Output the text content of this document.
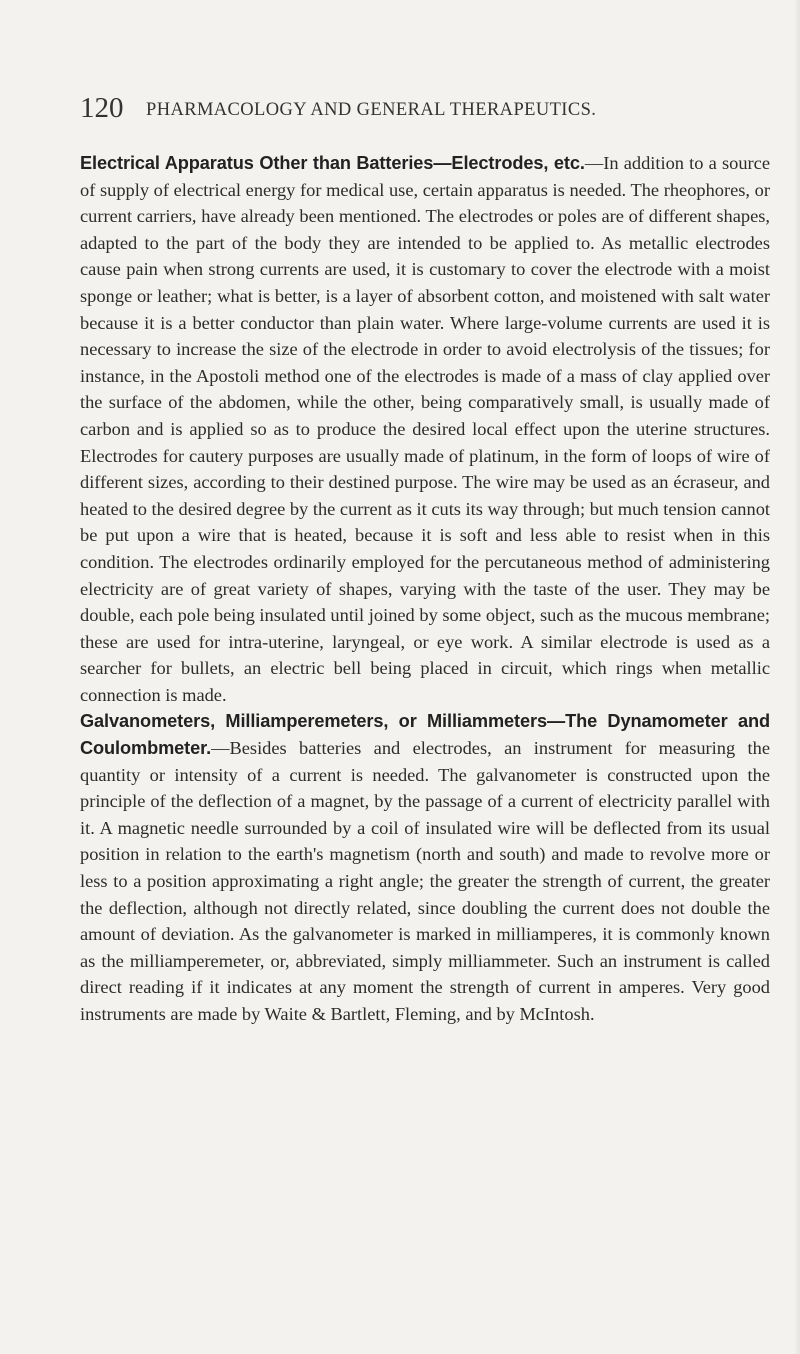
120 PHARMACOLOGY AND GENERAL THERAPEUTICS.

Electrical Apparatus Other than Batteries—Electrodes, etc.—In addition to a source of supply of electrical energy for medical use, certain apparatus is needed. The rheophores, or current carriers, have already been mentioned. The electrodes or poles are of different shapes, adapted to the part of the body they are intended to be applied to. As metallic electrodes cause pain when strong currents are used, it is customary to cover the electrode with a moist sponge or leather; what is better, is a layer of absorbent cotton, and moistened with salt water because it is a better conductor than plain water. Where large-volume currents are used it is necessary to increase the size of the electrode in order to avoid electrolysis of the tissues; for instance, in the Apostoli method one of the electrodes is made of a mass of clay applied over the surface of the abdomen, while the other, being comparatively small, is usually made of carbon and is applied so as to produce the desired local effect upon the uterine structures. Electrodes for cautery purposes are usually made of platinum, in the form of loops of wire of different sizes, according to their destined purpose. The wire may be used as an écraseur, and heated to the desired degree by the current as it cuts its way through; but much tension cannot be put upon a wire that is heated, because it is soft and less able to resist when in this condition. The electrodes ordinarily employed for the percutaneous method of administering electricity are of great variety of shapes, varying with the taste of the user. They may be double, each pole being insulated until joined by some object, such as the mucous membrane; these are used for intra-uterine, laryngeal, or eye work. A similar electrode is used as a searcher for bullets, an electric bell being placed in circuit, which rings when metallic connection is made.

Galvanometers, Milliamperemeters, or Milliammeters—The Dynamometer and Coulombmeter.—Besides batteries and electrodes, an instrument for measuring the quantity or intensity of a current is needed. The galvanometer is constructed upon the principle of the deflection of a magnet, by the passage of a current of electricity parallel with it. A magnetic needle surrounded by a coil of insulated wire will be deflected from its usual position in relation to the earth's magnetism (north and south) and made to revolve more or less to a position approximating a right angle; the greater the strength of current, the greater the deflection, although not directly related, since doubling the current does not double the amount of deviation. As the galvanometer is marked in milliamperes, it is commonly known as the milliamperemeter, or, abbreviated, simply milliammeter. Such an instrument is called direct reading if it indicates at any moment the strength of current in amperes. Very good instruments are made by Waite & Bartlett, Fleming, and by McIntosh.
